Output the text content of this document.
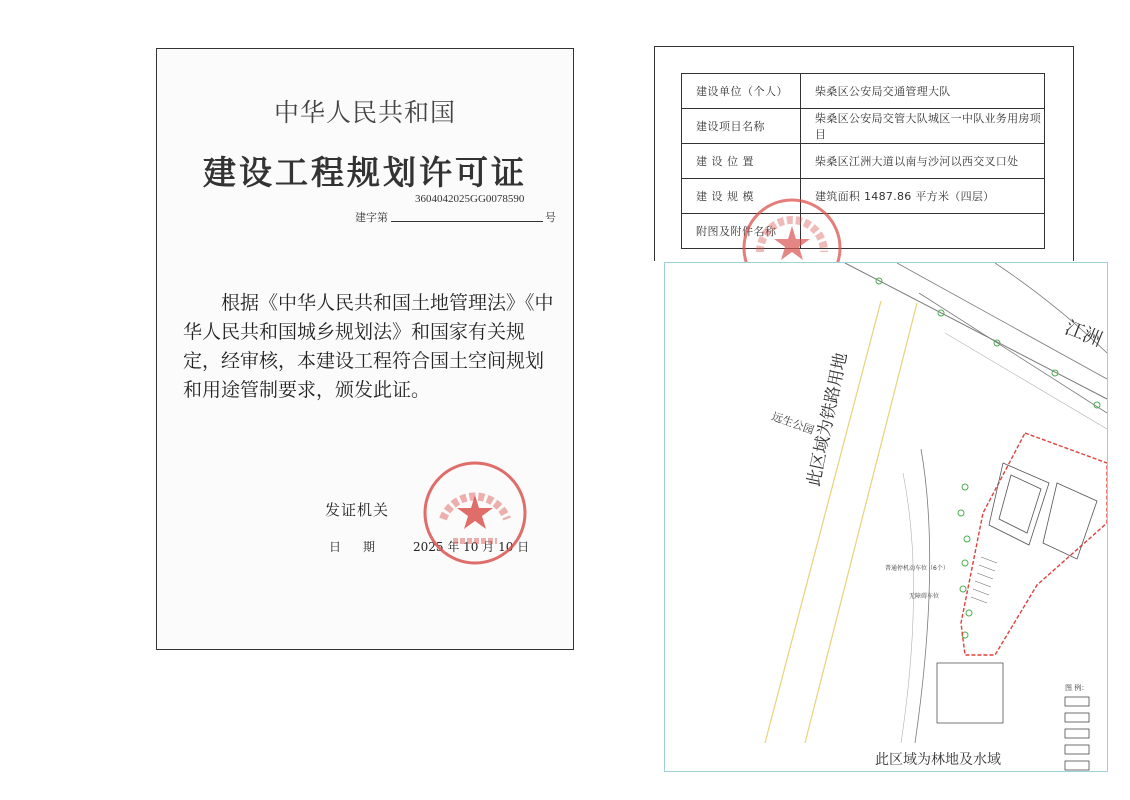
中华人民共和国
建设工程规划许可证
3604042025GG0078590
建字第	号
根据《中华人民共和国土地管理法》《中华人民共和国城乡规划法》和国家有关规定，经审核，本建设工程符合国土空间规划和用途管制要求，颁发此证。
发证机关
日期 2025 年 10 月 10 日
建设单位（个人）	柴桑区公安局交通管理大队
建设项目名称	柴桑区公安局交管大队城区一中队业务用房项目
建 设 位 置	柴桑区江洲大道以南与沙河以西交叉口处
建 设 规 模	建筑面积 1487.86 平方米（四层）
附图及附件名称	
江洲
此区域为铁路用地
此区域为林地及水域
远生公园
普通停机动车位（6个）
无障碍车位
图 例：
